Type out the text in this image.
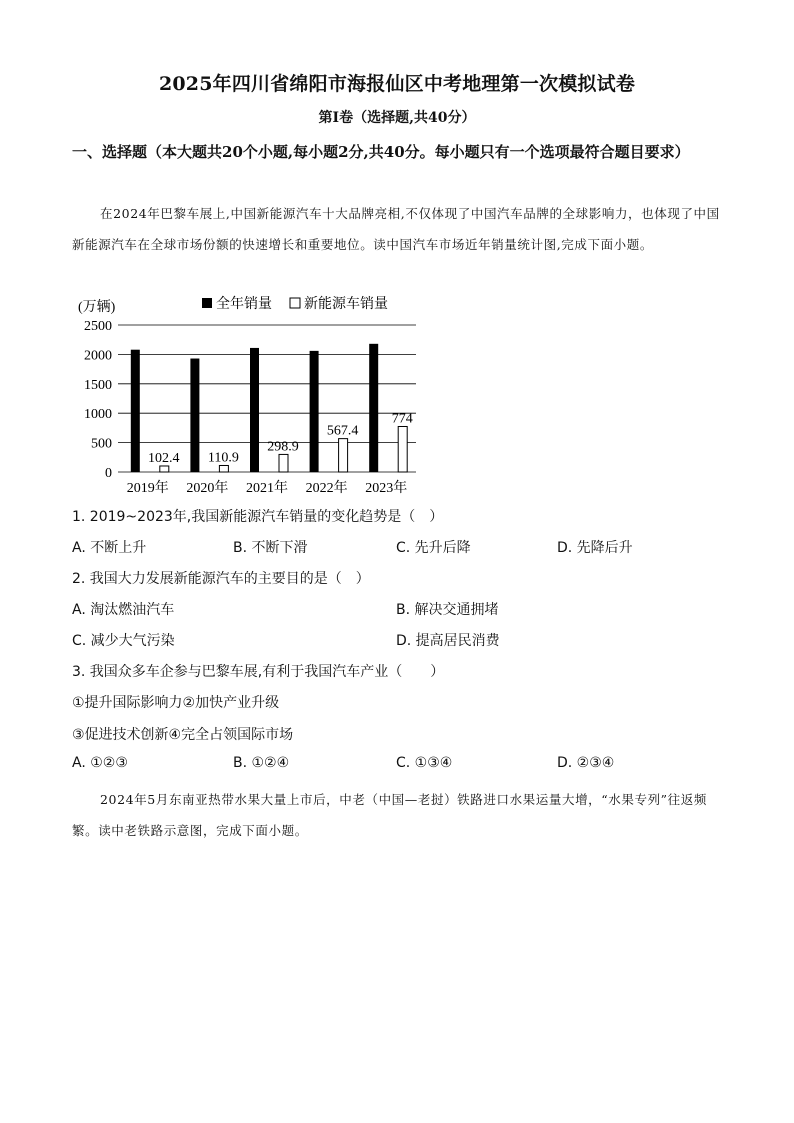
2025年四川省绵阳市海报仙区中考地理第一次模拟试卷
第I卷（选择题,共40分）
一、选择题（本大题共20个小题,每小题2分,共40分。每小题只有一个选项最符合题目要求）
在2024年巴黎车展上,中国新能源汽车十大品牌亮相,不仅体现了中国汽车品牌的全球影响力，也体现了中国新能源汽车在全球市场份额的快速增长和重要地位。读中国汽车市场近年销量统计图,完成下面小题。
(万辆)	全年销量 新能源车销量
0
500
1000
1500
2000
2500
102.4 110.9
298.9
567.4
774
2019年 2020年 2021年 2022年 2023年
1. 2019~2023年,我国新能源汽车销量的变化趋势是（　）
A. 不断上升	B. 不断下滑	C. 先升后降	D. 先降后升
2. 我国大力发展新能源汽车的主要目的是（　）
A. 淘汰燃油汽车	B. 解决交通拥堵
C. 减少大气污染	D. 提高居民消费
3. 我国众多车企参与巴黎车展,有利于我国汽车产业（　　）
①提升国际影响力②加快产业升级
③促进技术创新④完全占领国际市场
A. ①②③	B. ①②④	C. ①③④	D. ②③④
2024年5月东南亚热带水果大量上市后，中老（中国—老挝）铁路进口水果运量大增，“水果专列”往返频繁。读中老铁路示意图，完成下面小题。
